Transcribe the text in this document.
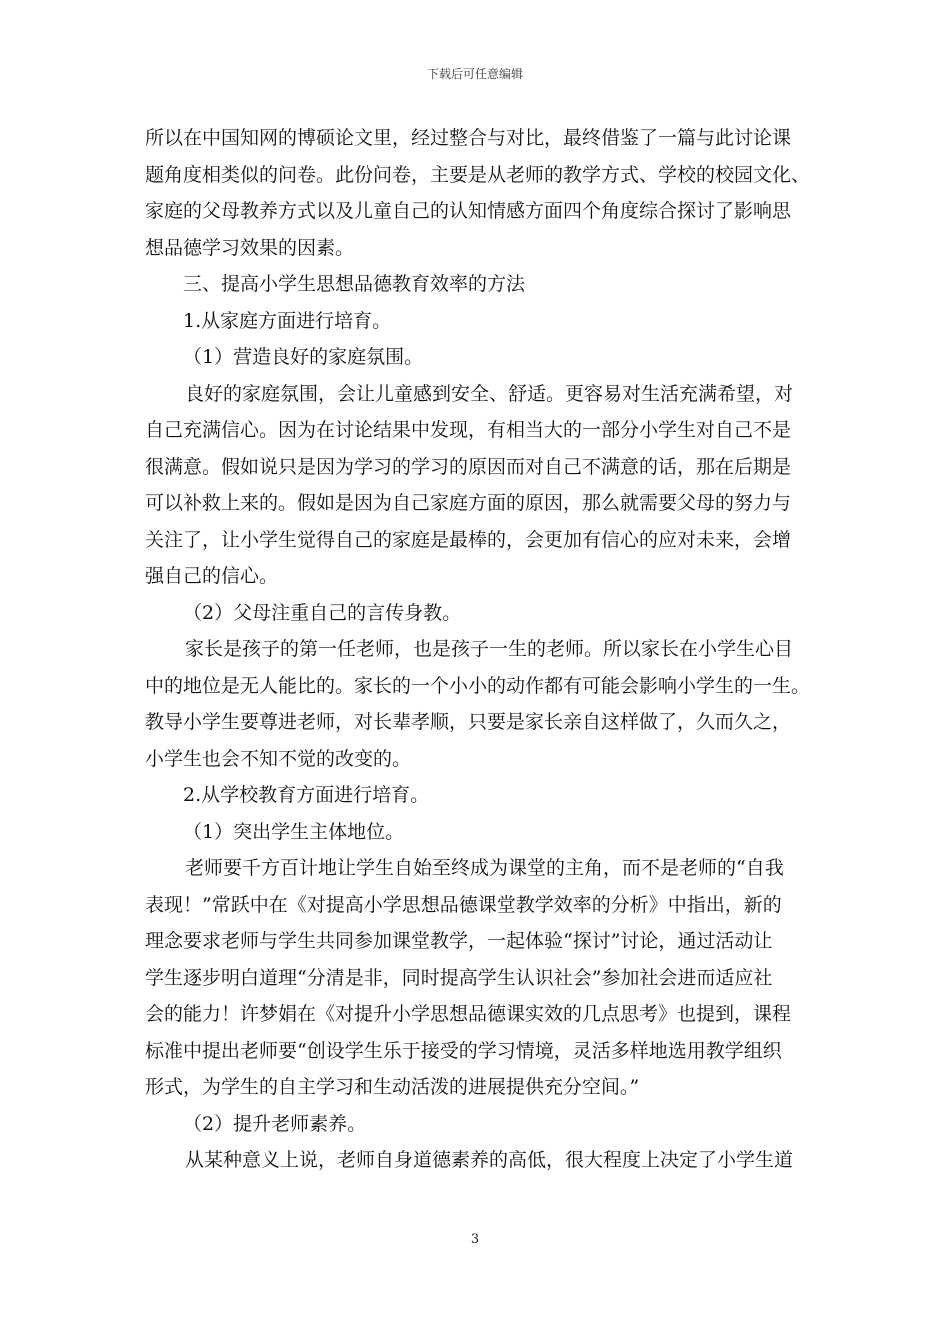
下载后可任意编辑
所以在中国知网的博硕论文里，经过整合与对比，最终借鉴了一篇与此讨论课
题角度相类似的问卷。此份问卷，主要是从老师的教学方式、学校的校园文化、
家庭的父母教养方式以及儿童自己的认知情感方面四个角度综合探讨了影响思
想品德学习效果的因素。
三、提高小学生思想品德教育效率的方法
1.从家庭方面进行培育。
（1）营造良好的家庭氛围。
良好的家庭氛围，会让儿童感到安全、舒适。更容易对生活充满希望，对
自己充满信心。因为在讨论结果中发现，有相当大的一部分小学生对自己不是
很满意。假如说只是因为学习的学习的原因而对自己不满意的话，那在后期是
可以补救上来的。假如是因为自己家庭方面的原因，那么就需要父母的努力与
关注了，让小学生觉得自己的家庭是最棒的，会更加有信心的应对未来，会增
强自己的信心。
（2）父母注重自己的言传身教。
家长是孩子的第一任老师，也是孩子一生的老师。所以家长在小学生心目
中的地位是无人能比的。家长的一个小小的动作都有可能会影响小学生的一生。
教导小学生要尊进老师，对长辈孝顺，只要是家长亲自这样做了，久而久之，
小学生也会不知不觉的改变的。
2.从学校教育方面进行培育。
（1）突出学生主体地位。
老师要千方百计地让学生自始至终成为课堂的主角，而不是老师的“自我
表现！”常跃中在《对提高小学思想品德课堂教学效率的分析》中指出，新的
理念要求老师与学生共同参加课堂教学，一起体验“探讨”讨论，通过活动让
学生逐步明白道理“分清是非，同时提高学生认识社会”参加社会进而适应社
会的能力！许梦娟在《对提升小学思想品德课实效的几点思考》也提到，课程
标准中提出老师要“创设学生乐于接受的学习情境，灵活多样地选用教学组织
形式，为学生的自主学习和生动活泼的进展提供充分空间。”
（2）提升老师素养。
从某种意义上说，老师自身道德素养的高低，很大程度上决定了小学生道
3
